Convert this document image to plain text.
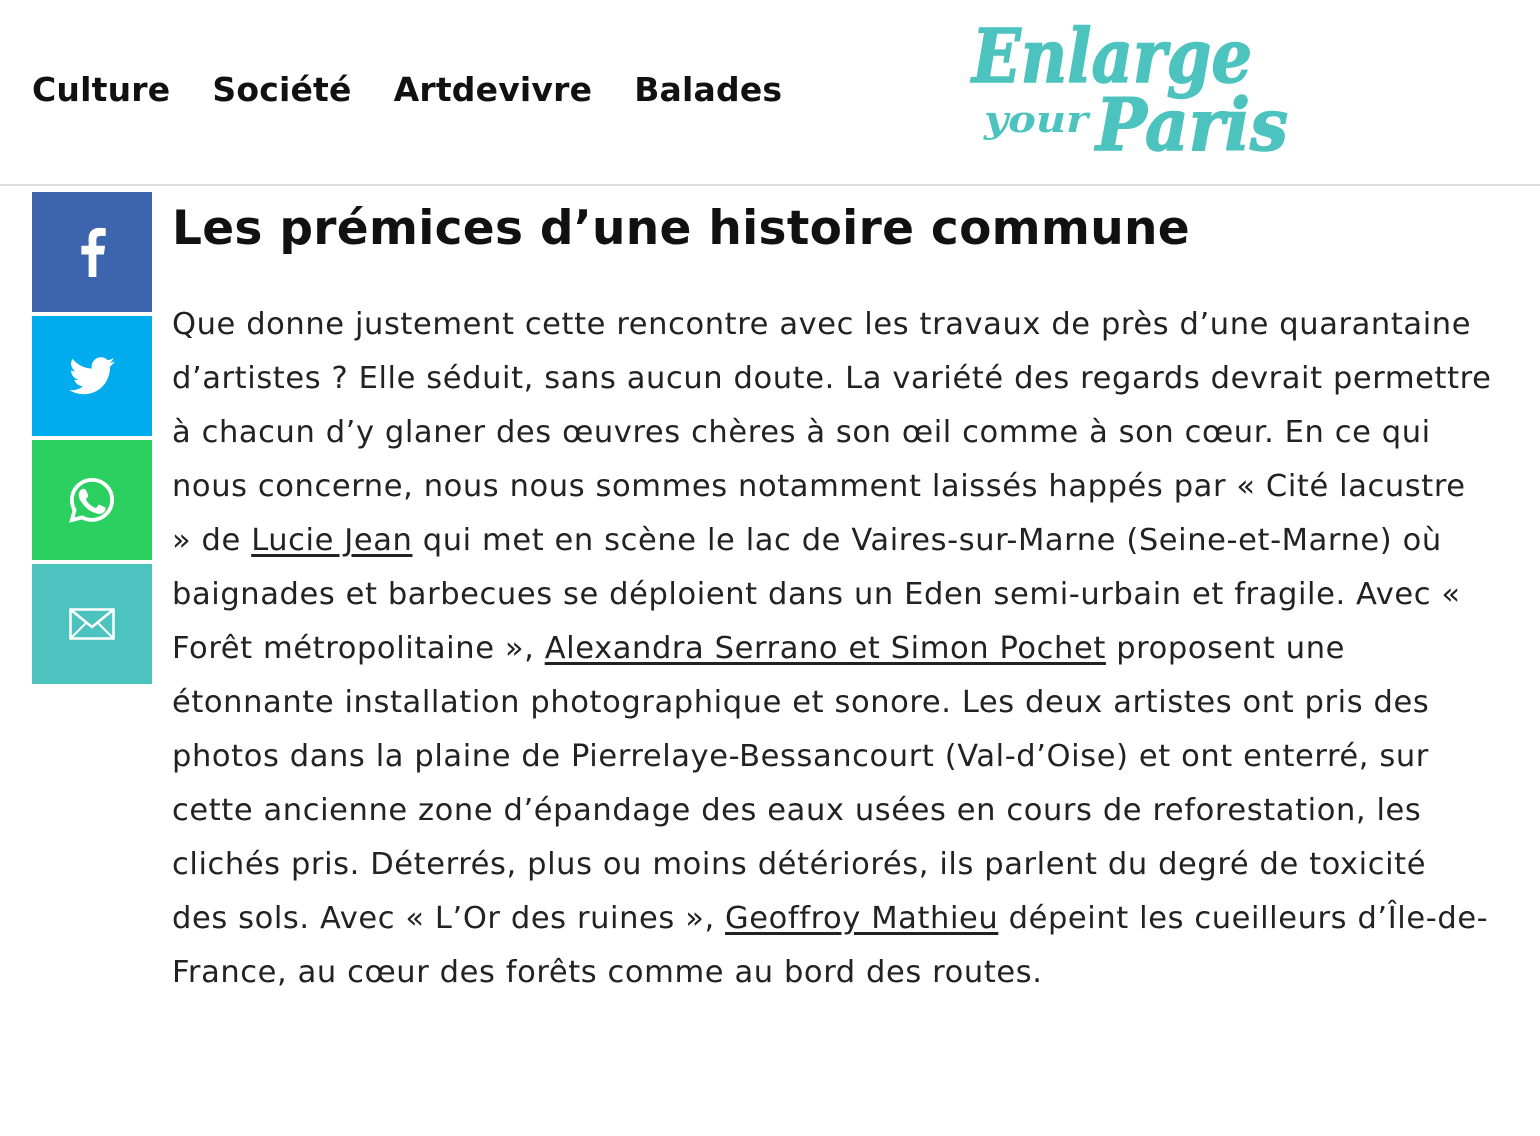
Culture Société Artdevivre Balades	Enlarge
your Paris
Les prémices d’une histoire commune

Que donne justement cette rencontre avec les travaux de près d’une quarantaine d’artistes ? Elle séduit, sans aucun doute. La variété des regards devrait permettre à chacun d’y glaner des œuvres chères à son œil comme à son cœur. En ce qui nous concerne, nous nous sommes notamment laissés happés par « Cité lacustre » de Lucie Jean qui met en scène le lac de Vaires-sur-Marne (Seine-et-Marne) où baignades et barbecues se déploient dans un Eden semi-urbain et fragile. Avec « Forêt métropolitaine », Alexandra Serrano et Simon Pochet proposent une étonnante installation photographique et sonore. Les deux artistes ont pris des photos dans la plaine de Pierrelaye-Bessancourt (Val-d’Oise) et ont enterré, sur cette ancienne zone d’épandage des eaux usées en cours de reforestation, les clichés pris. Déterrés, plus ou moins détériorés, ils parlent du degré de toxicité des sols. Avec « L’Or des ruines », Geoffroy Mathieu dépeint les cueilleurs d’Île-de-France, au cœur des forêts comme au bord des routes.
